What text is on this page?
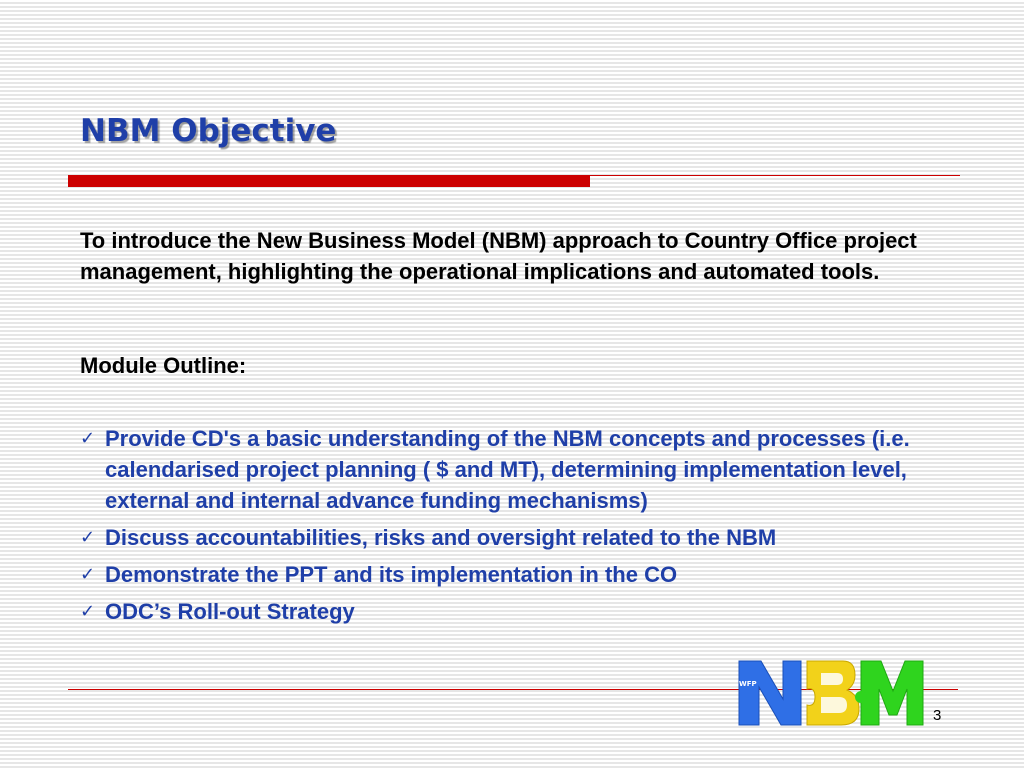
NBM Objective

To introduce the New Business Model (NBM) approach to Country Office project management, highlighting the operational implications and automated tools.

Module Outline:

✓ Provide CD's a basic understanding of the NBM concepts and processes (i.e. calendarised project planning ( $ and MT), determining implementation level, external and internal advance funding mechanisms)
✓ Discuss accountabilities, risks and oversight related to the NBM
✓ Demonstrate the PPT and its implementation in the CO
✓ ODC’s Roll-out Strategy
WFP
3
